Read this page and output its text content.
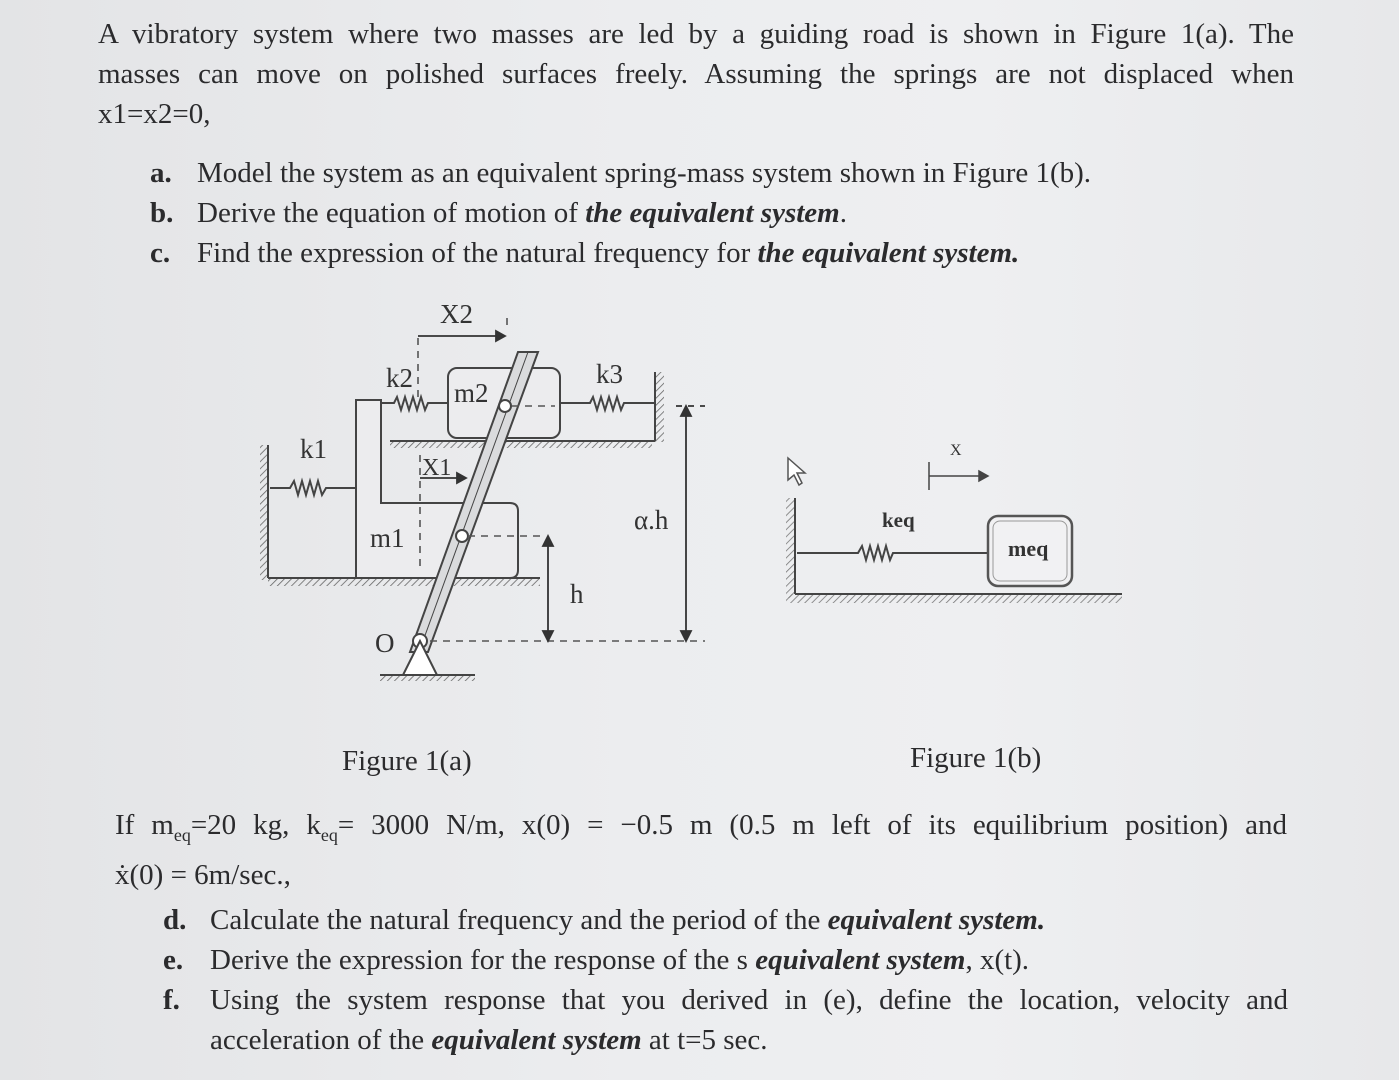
A vibratory system where two masses are led by a guiding road is shown in Figure 1(a). The
masses can move on polished surfaces freely. Assuming the springs are not displaced when
x1=x2=0,
a. Model the system as an equivalent spring-mass system shown in Figure 1(b).
b. Derive the equation of motion of the equivalent system.
c. Find the expression of the natural frequency for the equivalent system.
X2
k2 m2
k3
k1
X1
m1
α.h
h
O
X
keq
meq
Figure 1(a)	Figure 1(b)
If $m_{eq}=20$ kg, $k_{eq}= 3000$ N/m, x(0) = −0.5 m (0.5 m left of its equilibrium position) and
ẋ(0) = 6m/sec.,
d. Calculate the natural frequency and the period of the equivalent system.
e. Derive the expression for the response of the s equivalent system, x(t).
f. Using the system response that you derived in (e), define the location, velocity and
acceleration of the equivalent system at t=5 sec.
